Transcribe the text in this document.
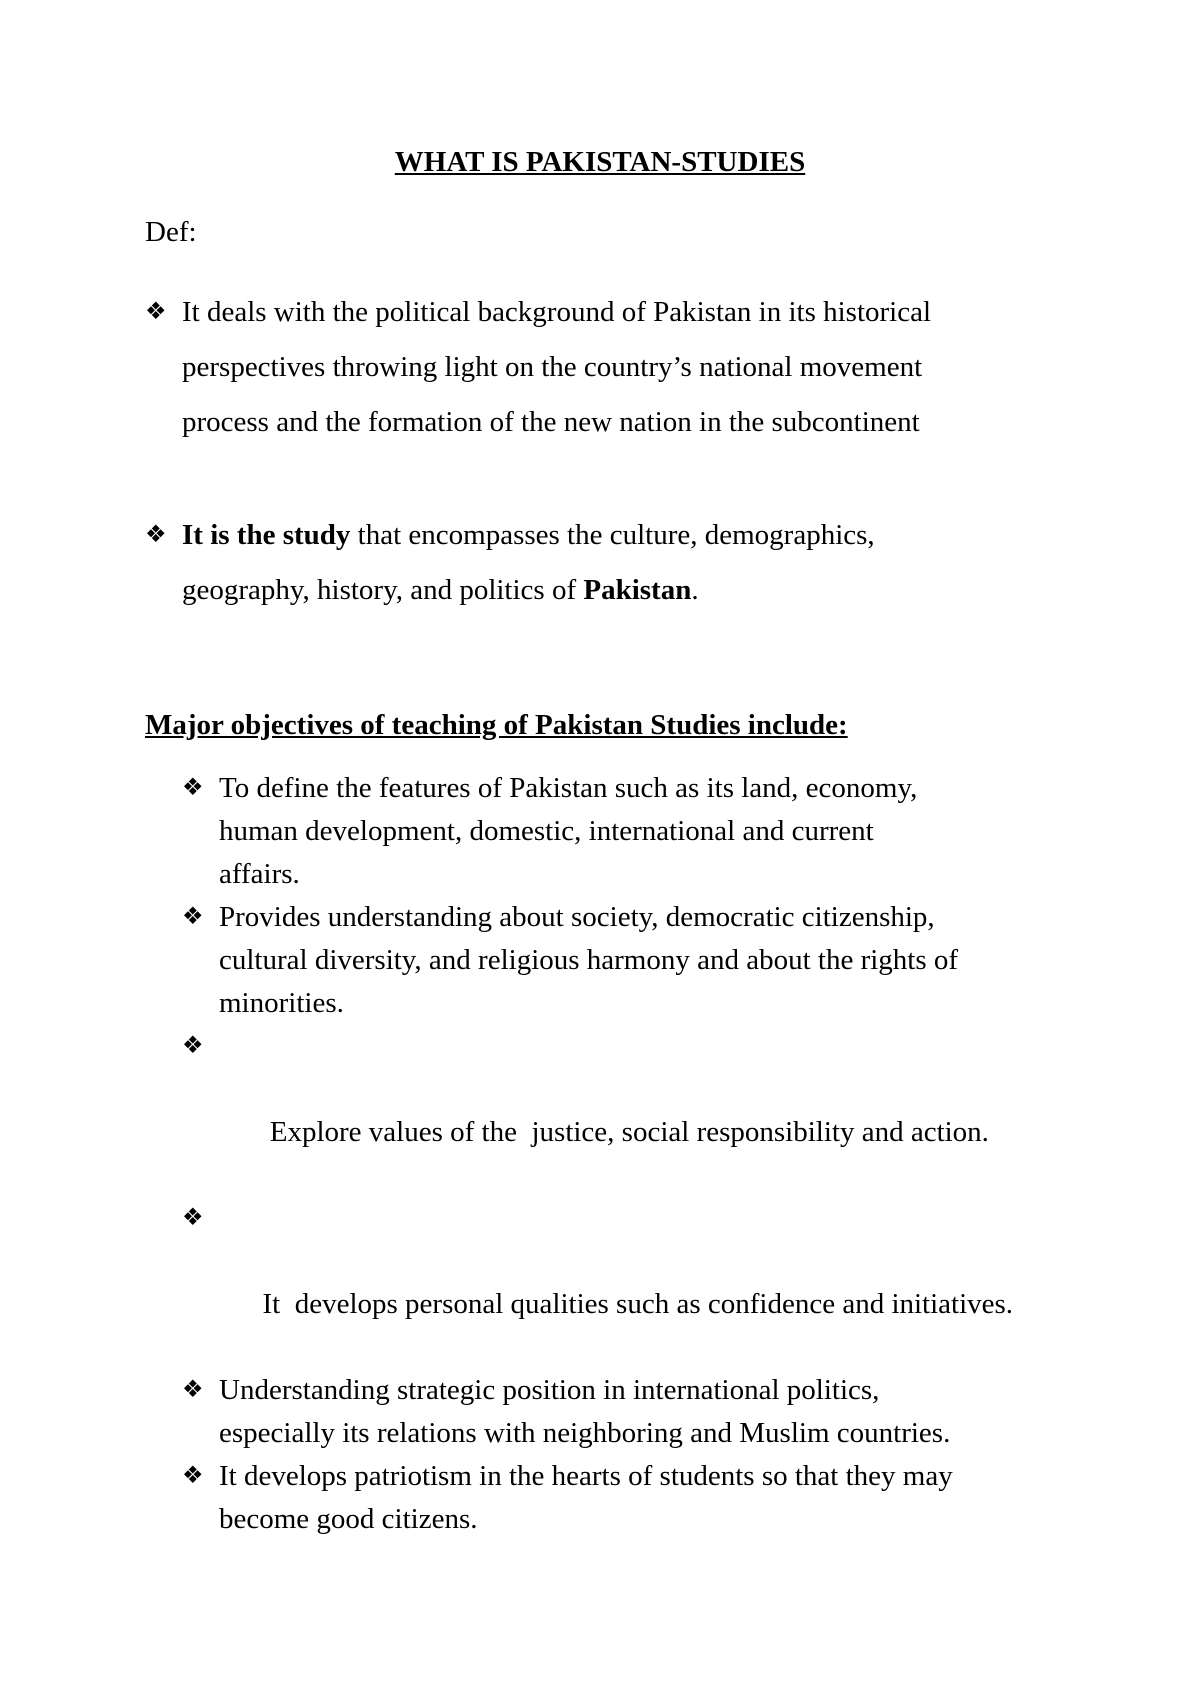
WHAT IS PAKISTAN-STUDIES
Def:
❖ It deals with the political background of Pakistan in its historical perspectives throwing light on the country’s national movement process and the formation of the new nation in the subcontinent
❖ It is the study that encompasses the culture, demographics, geography, history, and politics of Pakistan.
Major objectives of teaching of Pakistan Studies include:
❖ To define the features of Pakistan such as its land, economy, human development, domestic, international and current affairs.
❖ Provides understanding about society, democratic citizenship, cultural diversity, and religious harmony and about the rights of minorities.

❖

Explore values of the  justice, social responsibility and action.

❖

It  develops personal qualities such as confidence and initiatives.

❖ Understanding strategic position in international politics, especially its relations with neighboring and Muslim countries.
❖ It develops patriotism in the hearts of students so that they may become good citizens.
